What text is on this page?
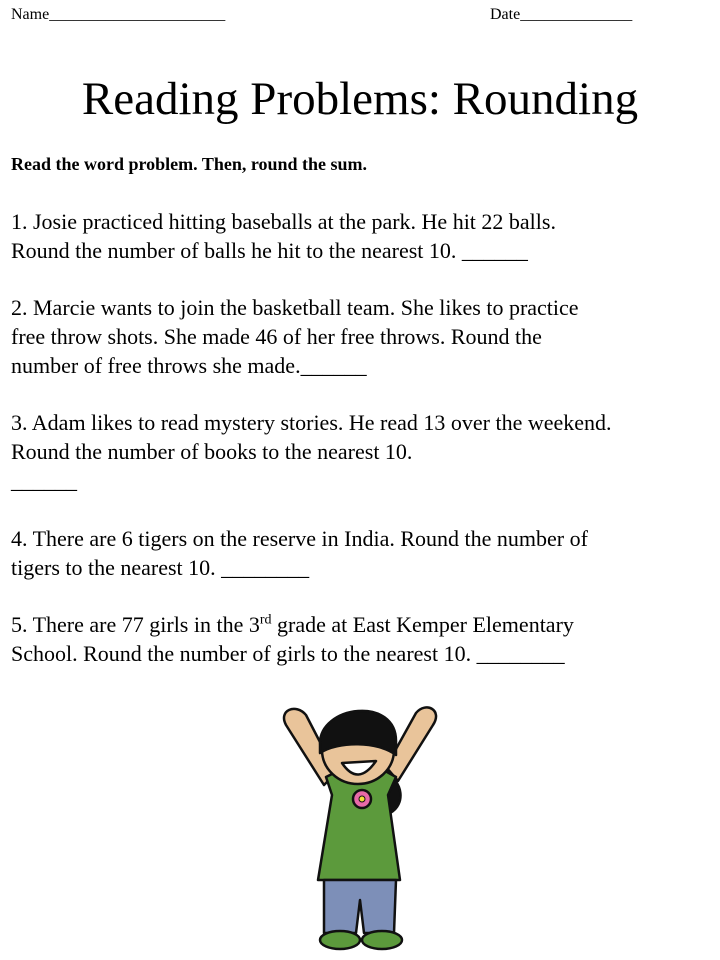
Name______________________	Date______________
Reading Problems: Rounding
Read the word problem. Then, round the sum.
1. Josie practiced hitting baseballs at the park. He hit 22 balls.
Round the number of balls he hit to the nearest 10. ______
2. Marcie wants to join the basketball team. She likes to practice
free throw shots. She made 46 of her free throws. Round the
number of free throws she made.______
3. Adam likes to read mystery stories. He read 13 over the weekend.
Round the number of books to the nearest 10.
______
4. There are 6 tigers on the reserve in India. Round the number of
tigers to the nearest 10. ________
5. There are 77 girls in the 3rd grade at East Kemper Elementary
School. Round the number of girls to the nearest 10. ________
